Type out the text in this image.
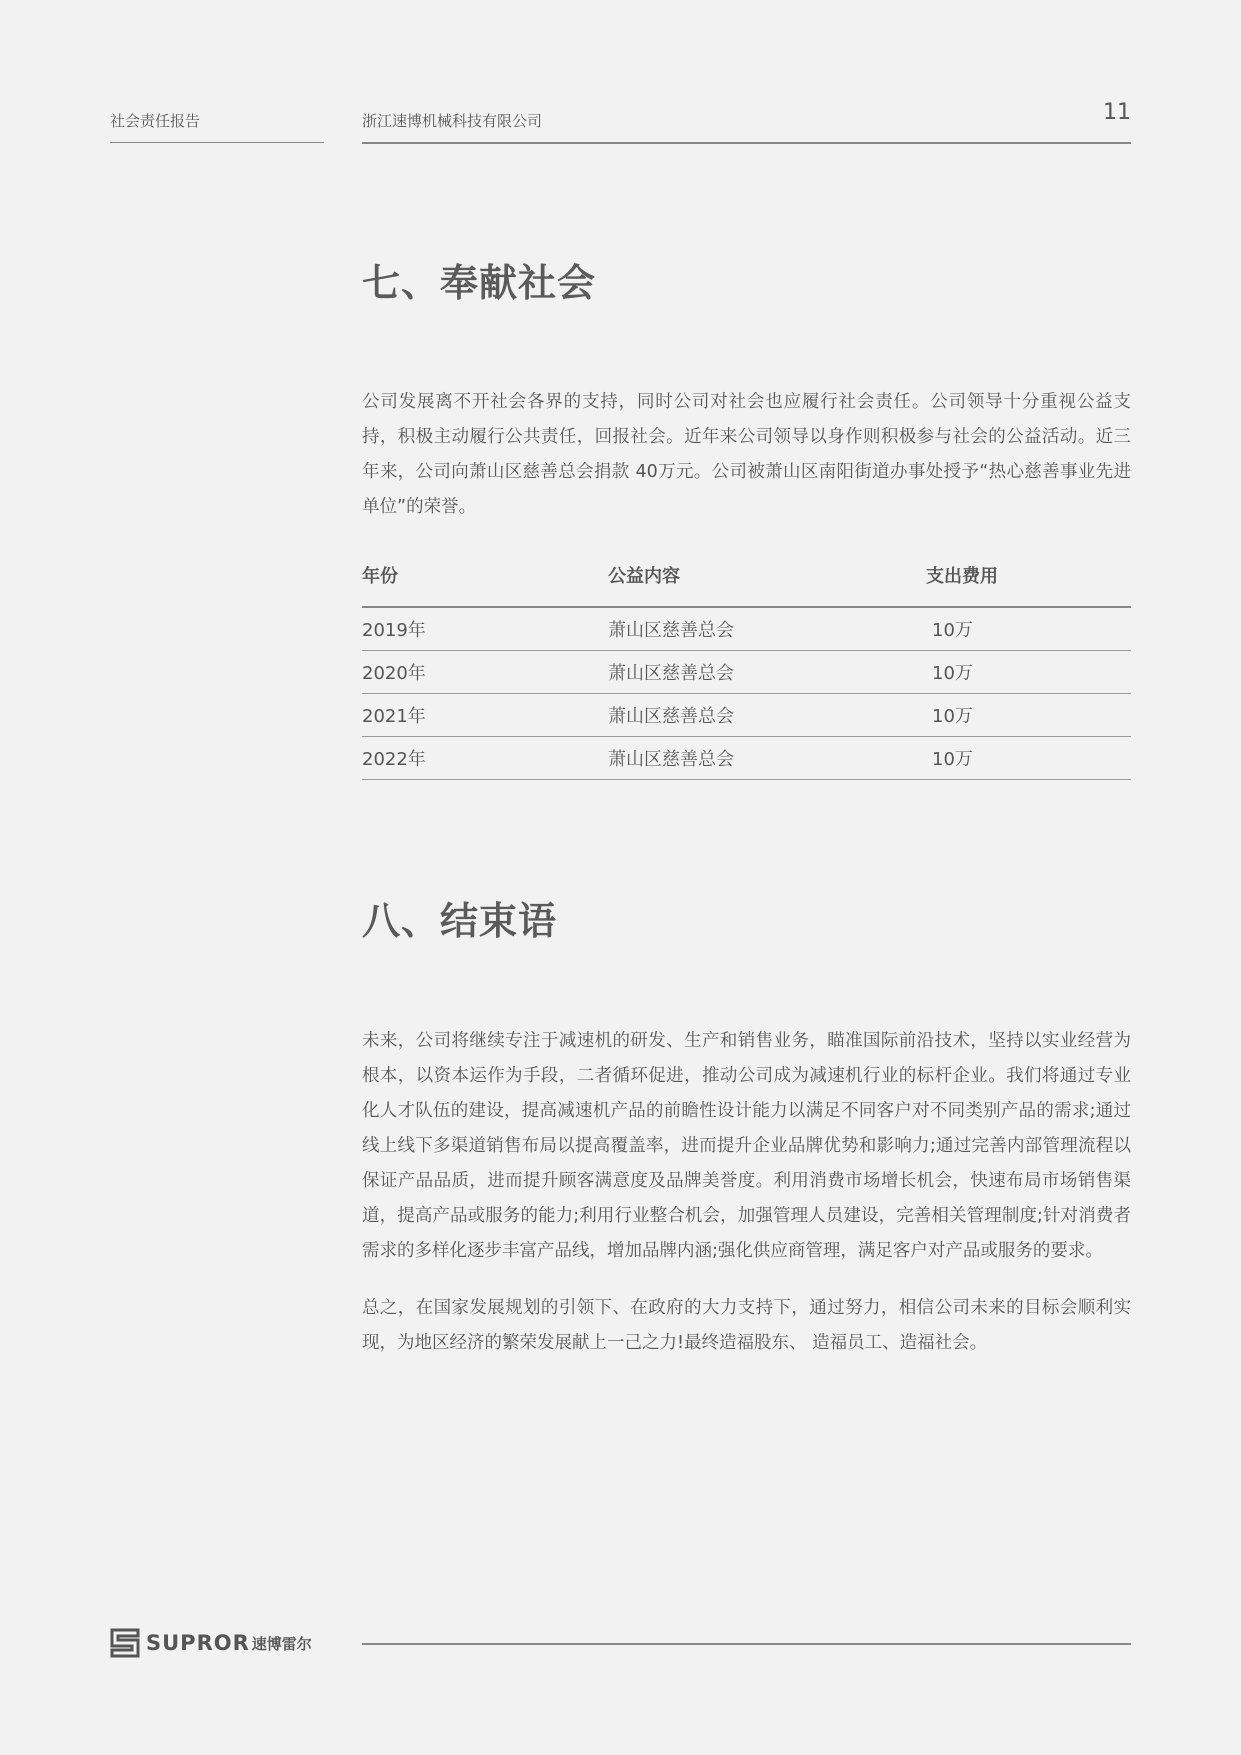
社会责任报告	浙江速博机械科技有限公司	11
七、奉献社会

公司发展离不开社会各界的支持，同时公司对社会也应履行社会责任。公司领导十分重视公益支持，积极主动履行公共责任，回报社会。近年来公司领导以身作则积极参与社会的公益活动。近三年来，公司向萧山区慈善总会捐款 40万元。公司被萧山区南阳街道办事处授予“热心慈善事业先进单位”的荣誉。

年份	公益内容	支出费用
2019年	萧山区慈善总会	10万
2020年	萧山区慈善总会	10万
2021年	萧山区慈善总会	10万
2022年	萧山区慈善总会	10万
八、结束语

未来，公司将继续专注于减速机的研发、生产和销售业务，瞄准国际前沿技术，坚持以实业经营为根本，以资本运作为手段，二者循环促进，推动公司成为减速机行业的标杆企业。我们将通过专业化人才队伍的建设，提高减速机产品的前瞻性设计能力以满足不同客户对不同类别产品的需求;通过线上线下多渠道销售布局以提高覆盖率，进而提升企业品牌优势和影响力;通过完善内部管理流程以保证产品品质，进而提升顾客满意度及品牌美誉度。利用消费市场增长机会，快速布局市场销售渠道，提高产品或服务的能力;利用行业整合机会，加强管理人员建设，完善相关管理制度;针对消费者需求的多样化逐步丰富产品线，增加品牌内涵;强化供应商管理，满足客户对产品或服务的要求。

总之，在国家发展规划的引领下、在政府的大力支持下，通过努力，相信公司未来的目标会顺利实现，为地区经济的繁荣发展献上一己之力!最终造福股东、 造福员工、造福社会。

SUPROR 速博雷尔
